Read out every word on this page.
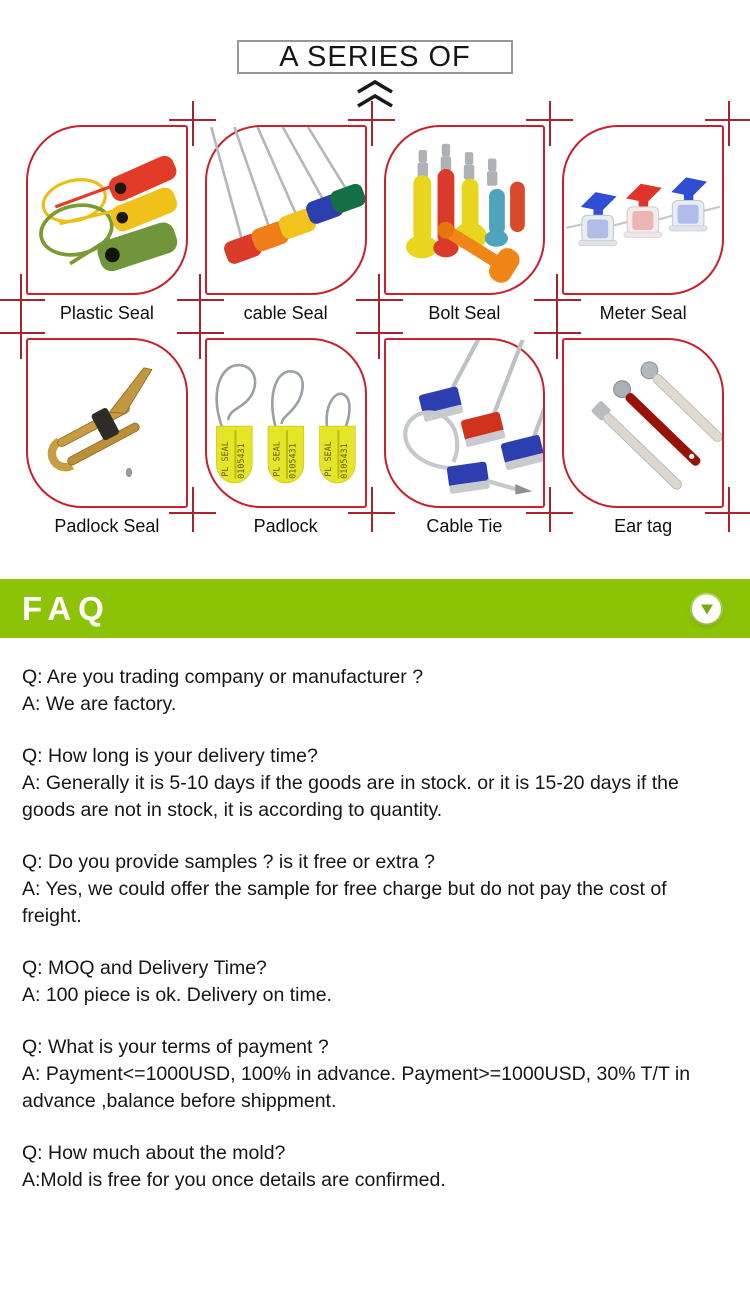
A SERIES OF
Plastic Seal	cable Seal	Bolt Seal	Meter Seal
Padlock Seal
PL SEAL 0105431	PL SEAL 0105431	PL SEAL 0105431
Padlock	Cable Tie	Ear tag
FAQ
Q: Are you trading company or manufacturer ?
A: We are factory.
Q: How long is your delivery time?
A: Generally it is 5-10 days if the goods are in stock. or it is 15-20 days if the
goods are not in stock, it is according to quantity.
Q: Do you provide samples ? is it free or extra ?
A: Yes, we could offer the sample for free charge but do not pay the cost of
freight.
Q: MOQ and Delivery Time?
A: 100 piece is ok. Delivery on time.
Q: What is your terms of payment ?
A: Payment<=1000USD, 100% in advance. Payment>=1000USD, 30% T/T in
advance ,balance before shippment.
Q: How much about the mold?
A:Mold is free for you once details are confirmed.
